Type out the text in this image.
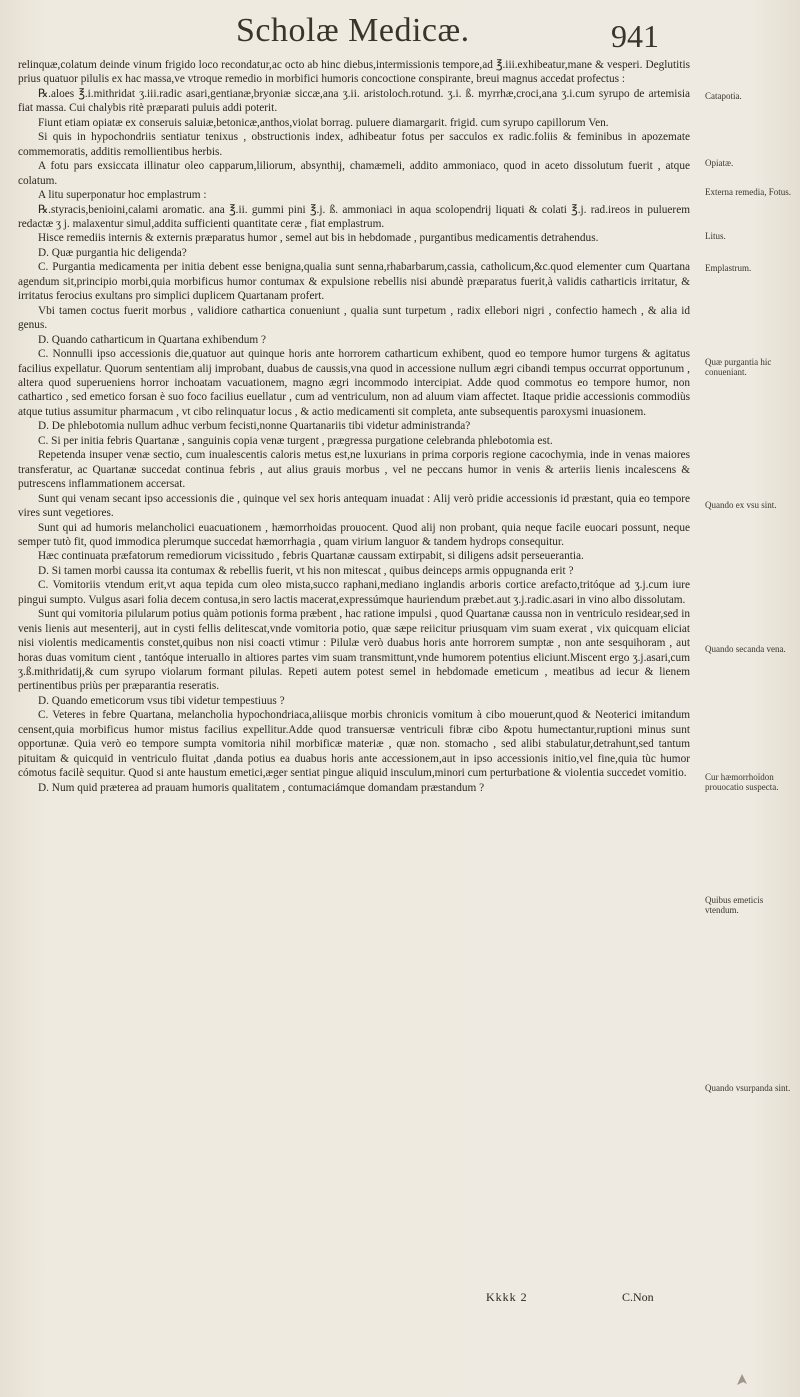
Scholæ Medicæ.	941

relinquæ,colatum deinde vinum frigido loco recondatur,ac octo ab hinc diebus,intermissionis tempore,ad ℥.iii.exhibeatur,mane & vesperi. Deglutitis prius quatuor pilulis ex hac massa,ve vtroque remedio in morbifici humoris concoctione conspirante, breui magnus accedat profectus :

℞.aloes ℥.i.mithridat ʒ.iii.radic asari,gentianæ,bryoniæ siccæ,ana ʒ.ii. aristoloch.rotund. ʒ.i. ß. myrrhæ,croci,ana ʒ.i.cum syrupo de artemisia fiat massa. Cui chalybis ritè præparati puluis addi poterit.

Fiunt etiam opiatæ ex conseruis saluiæ,betonicæ,anthos,violat borrag. puluere diamargarit. frigid. cum syrupo capillorum Ven.

Si quis in hypochondriis sentiatur tenixus , obstructionis index, adhibeatur fotus per sacculos ex radic.foliis & feminibus in apozemate commemoratis, additis remollientibus herbis.

A fotu pars exsiccata illinatur oleo capparum,liliorum, absynthij, chamæmeli, addito ammoniaco, quod in aceto dissolutum fuerit , atque colatum.

A litu superponatur hoc emplastrum :

℞.styracis,benioini,calami aromatic. ana ℥.ii. gummi pini ℥.j. ß. ammoniaci in aqua scolopendrij liquati & colati ℥.j. rad.ireos in puluerem redactæ ʒ j. malaxentur simul,addita sufficienti quantitate ceræ , fiat emplastrum.

Hisce remediis internis & externis præparatus humor , semel aut bis in hebdomade , purgantibus medicamentis detrahendus.

D. Quæ purgantia hic deligenda?

C. Purgantia medicamenta per initia debent esse benigna,qualia sunt senna,rhabarbarum,cassia, catholicum,&c.quod elementer cum Quartana agendum sit,principio morbi,quia morbificus humor contumax & expulsione rebellis nisi abundè præparatus fuerit,à validis catharticis irritatur, & irritatus ferocius exultans pro simplici duplicem Quartanam profert.

Vbi tamen coctus fuerit morbus , validiore cathartica conueniunt , qualia sunt turpetum , radix ellebori nigri , confectio hamech , & alia id genus.

D. Quando catharticum in Quartana exhibendum ?

C. Nonnulli ipso accessionis die,quatuor aut quinque horis ante horrorem catharticum exhibent, quod eo tempore humor turgens & agitatus facilius expellatur. Quorum sententiam alij improbant, duabus de caussis,vna quod in accessione nullum ægri cibandi tempus occurrat opportunum , altera quod superueniens horror inchoatam vacuationem, magno ægri incommodo intercipiat. Adde quod commotus eo tempore humor, non cathartico , sed emetico forsan è suo foco facilius euellatur , cum ad ventriculum, non ad aluum viam affectet. Itaque pridie accessionis commodiùs atque tutius assumitur pharmacum , vt cibo relinquatur locus , & actio medicamenti sit completa, ante subsequentis paroxysmi inuasionem.

D. De phlebotomia nullum adhuc verbum fecisti,nonne Quartanariis tibi videtur administranda?

C. Si per initia febris Quartanæ , sanguinis copia venæ turgent , prægressa purgatione celebranda phlebotomia est.

Repetenda insuper venæ sectio, cum inualescentis caloris metus est,ne luxurians in prima corporis regione cacochymia, inde in venas maiores transferatur, ac Quartanæ succedat continua febris , aut alius grauis morbus , vel ne peccans humor in venis & arteriis lienis incalescens & putrescens inflammationem accersat.

Sunt qui venam secant ipso accessionis die , quinque vel sex horis antequam inuadat : Alij verò pridie accessionis id præstant, quia eo tempore vires sunt vegetiores.

Sunt qui ad humoris melancholici euacuationem , hæmorrhoidas prouocent. Quod alij non probant, quia neque facile euocari possunt, neque semper tutò fit, quod immodica plerumque succedat hæmorrhagia , quam virium languor & tandem hydrops consequitur.

Hæc continuata præfatorum remediorum vicissitudo , febris Quartanæ caussam extirpabit, si diligens adsit perseuerantia.

D. Si tamen morbi caussa ita contumax & rebellis fuerit, vt his non mitescat , quibus deinceps armis oppugnanda erit ?

C. Vomitoriis vtendum erit,vt aqua tepida cum oleo mista,succo raphani,mediano inglandis arboris cortice arefacto,tritóque ad ʒ.j.cum iure pingui sumpto. Vulgus asari folia decem contusa,in sero lactis macerat,expressúmque hauriendum præbet.aut ʒ.j.radic.asari in vino albo dissolutam.

Sunt qui vomitoria pilularum potius quàm potionis forma præbent , hac ratione impulsi , quod Quartanæ caussa non in ventriculo residear,sed in venis lienis aut mesenterij, aut in cysti fellis delitescat,vnde vomitoria potio, quæ sæpe reiicitur priusquam vim suam exerat , vix quicquam eliciat nisi violentis medicamentis constet,quibus non nisi coacti vtimur : Pilulæ verò duabus horis ante horrorem sumptæ , non ante sesquihoram , aut horas duas vomitum cient , tantóque interuallo in altiores partes vim suam transmittunt,vnde humorem potentius eliciunt.Miscent ergo ʒ.j.asari,cum ʒ.ß.mithridatij,& cum syrupo violarum formant pilulas. Repeti autem potest semel in hebdomade emeticum , meatibus ad iecur & lienem pertinentibus priùs per præparantia reseratis.

D. Quando emeticorum vsus tibi videtur tempestiuus ?

C. Veteres in febre Quartana, melancholia hypochondriaca,aliisque morbis chronicis vomitum à cibo mouerunt,quod & Neoterici imitandum censent,quia morbificus humor mistus facilius expellitur.Adde quod transuersæ ventriculi fibræ cibo &potu humectantur,ruptioni minus sunt opportunæ. Quia verò eo tempore sumpta vomitoria nihil morbificæ materiæ , quæ non. stomacho , sed alibi stabulatur,detrahunt,sed tantum pituitam & quicquid in ventriculo fluitat ,danda potius ea duabus horis ante accessionem,aut in ipso accessionis initio,vel fine,quia tùc humor cómotus facilè sequitur. Quod si ante haustum emetici,æger sentiat pingue aliquid insculum,minori cum perturbatione & violentia succedet vomitio.

D. Num quid præterea ad prauam humoris qualitatem , contumaciámque domandam præstandum ?

Catapotia.
Opiatæ.
Externa remedia, Fotus.
Litus.
Emplastrum.
Quæ purgantia hic conueniant.
Quando ex vsu sint.
Quando secanda vena.
Cur hæmorrhoïdon prouocatio suspecta.
Quibus emeticis vtendum.
Quando vsurpanda sint.
Kkkk 2	C.Non
